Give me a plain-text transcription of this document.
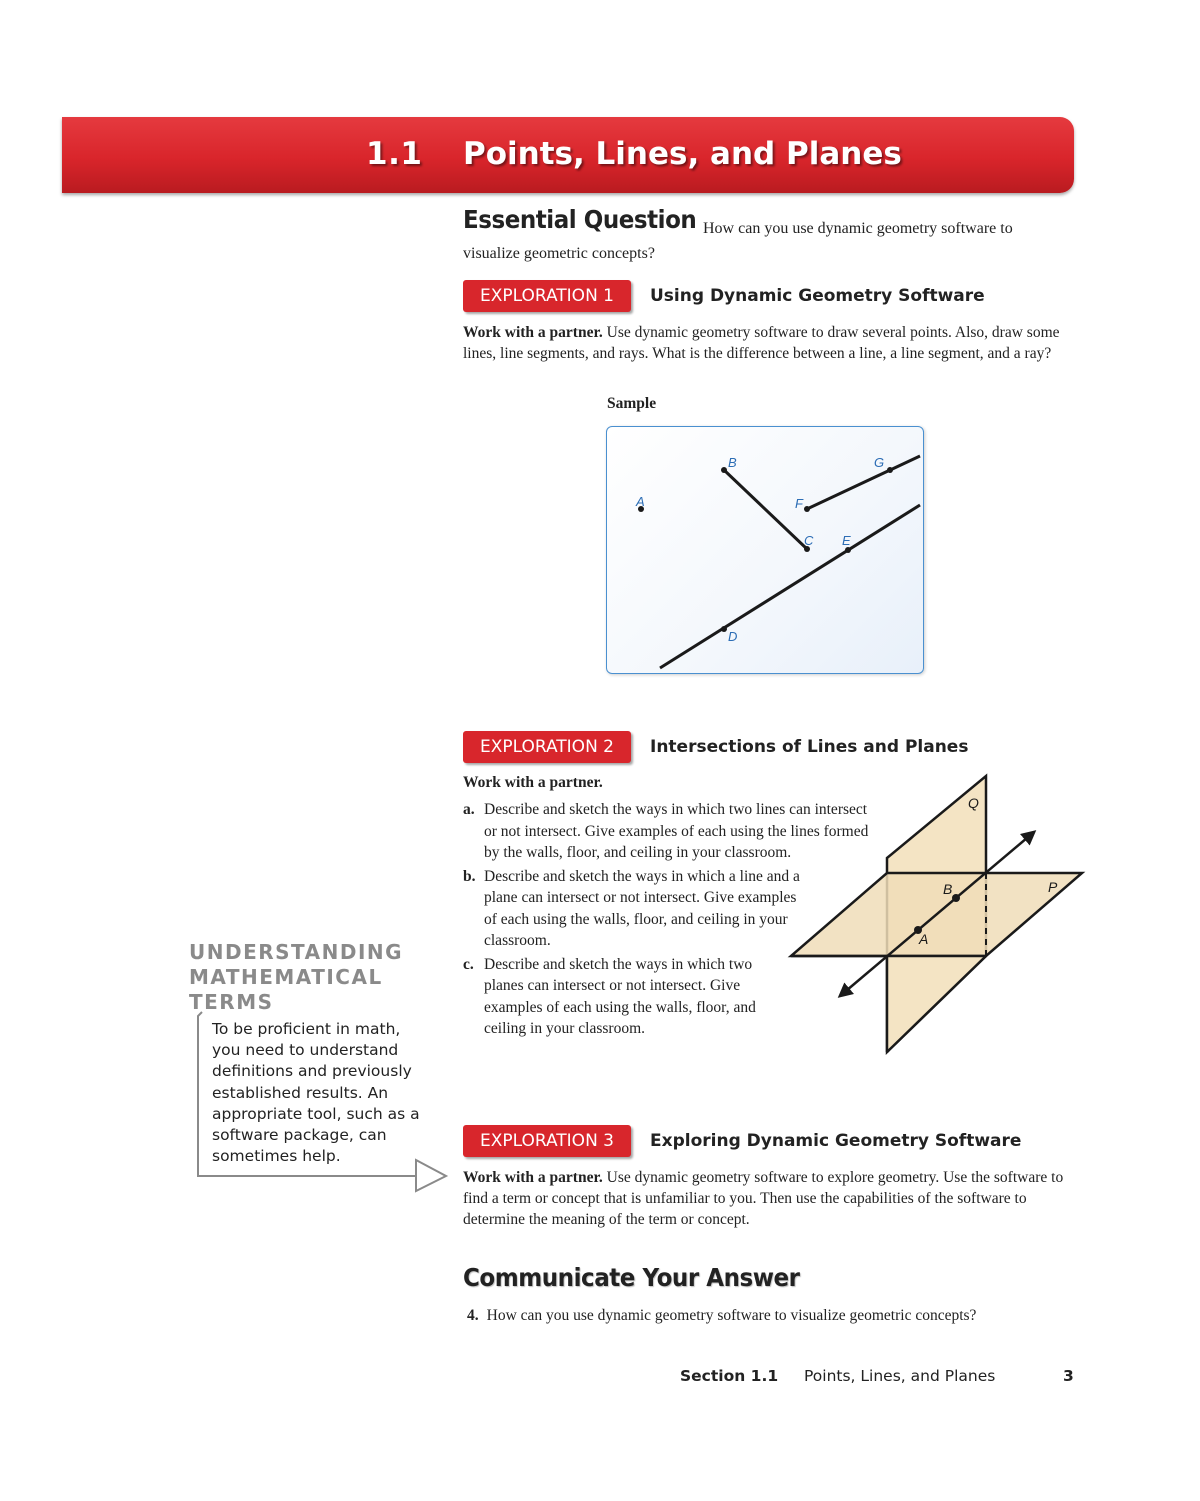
1.1 Points, Lines, and Planes
Essential Question How can you use dynamic geometry software to visualize geometric concepts?
EXPLORATION 1	Using Dynamic Geometry Software
Work with a partner. Use dynamic geometry software to draw several points. Also, draw some lines, line segments, and rays. What is the difference between a line, a line segment, and a ray?
Sample
A
B
C
D
E
F
G
EXPLORATION 2	Intersections of Lines and Planes
Work with a partner.
a. Describe and sketch the ways in which two lines can intersect or not intersect. Give examples of each using the lines formed by the walls, floor, and ceiling in your classroom.
b. Describe and sketch the ways in which a line and a plane can intersect or not intersect. Give examples of each using the walls, floor, and ceiling in your classroom.
c. Describe and sketch the ways in which two planes can intersect or not intersect. Give examples of each using the walls, floor, and ceiling in your classroom.
Q
P
A
B
UNDERSTANDING
MATHEMATICAL
TERMS
To be proficient in math, you need to understand definitions and previously established results. An appropriate tool, such as a software package, can sometimes help.
EXPLORATION 3	Exploring Dynamic Geometry Software
Work with a partner. Use dynamic geometry software to explore geometry. Use the software to find a term or concept that is unfamiliar to you. Then use the capabilities of the software to determine the meaning of the term or concept.
Communicate Your Answer
4. How can you use dynamic geometry software to visualize geometric concepts?
Section 1.1 Points, Lines, and Planes	3
